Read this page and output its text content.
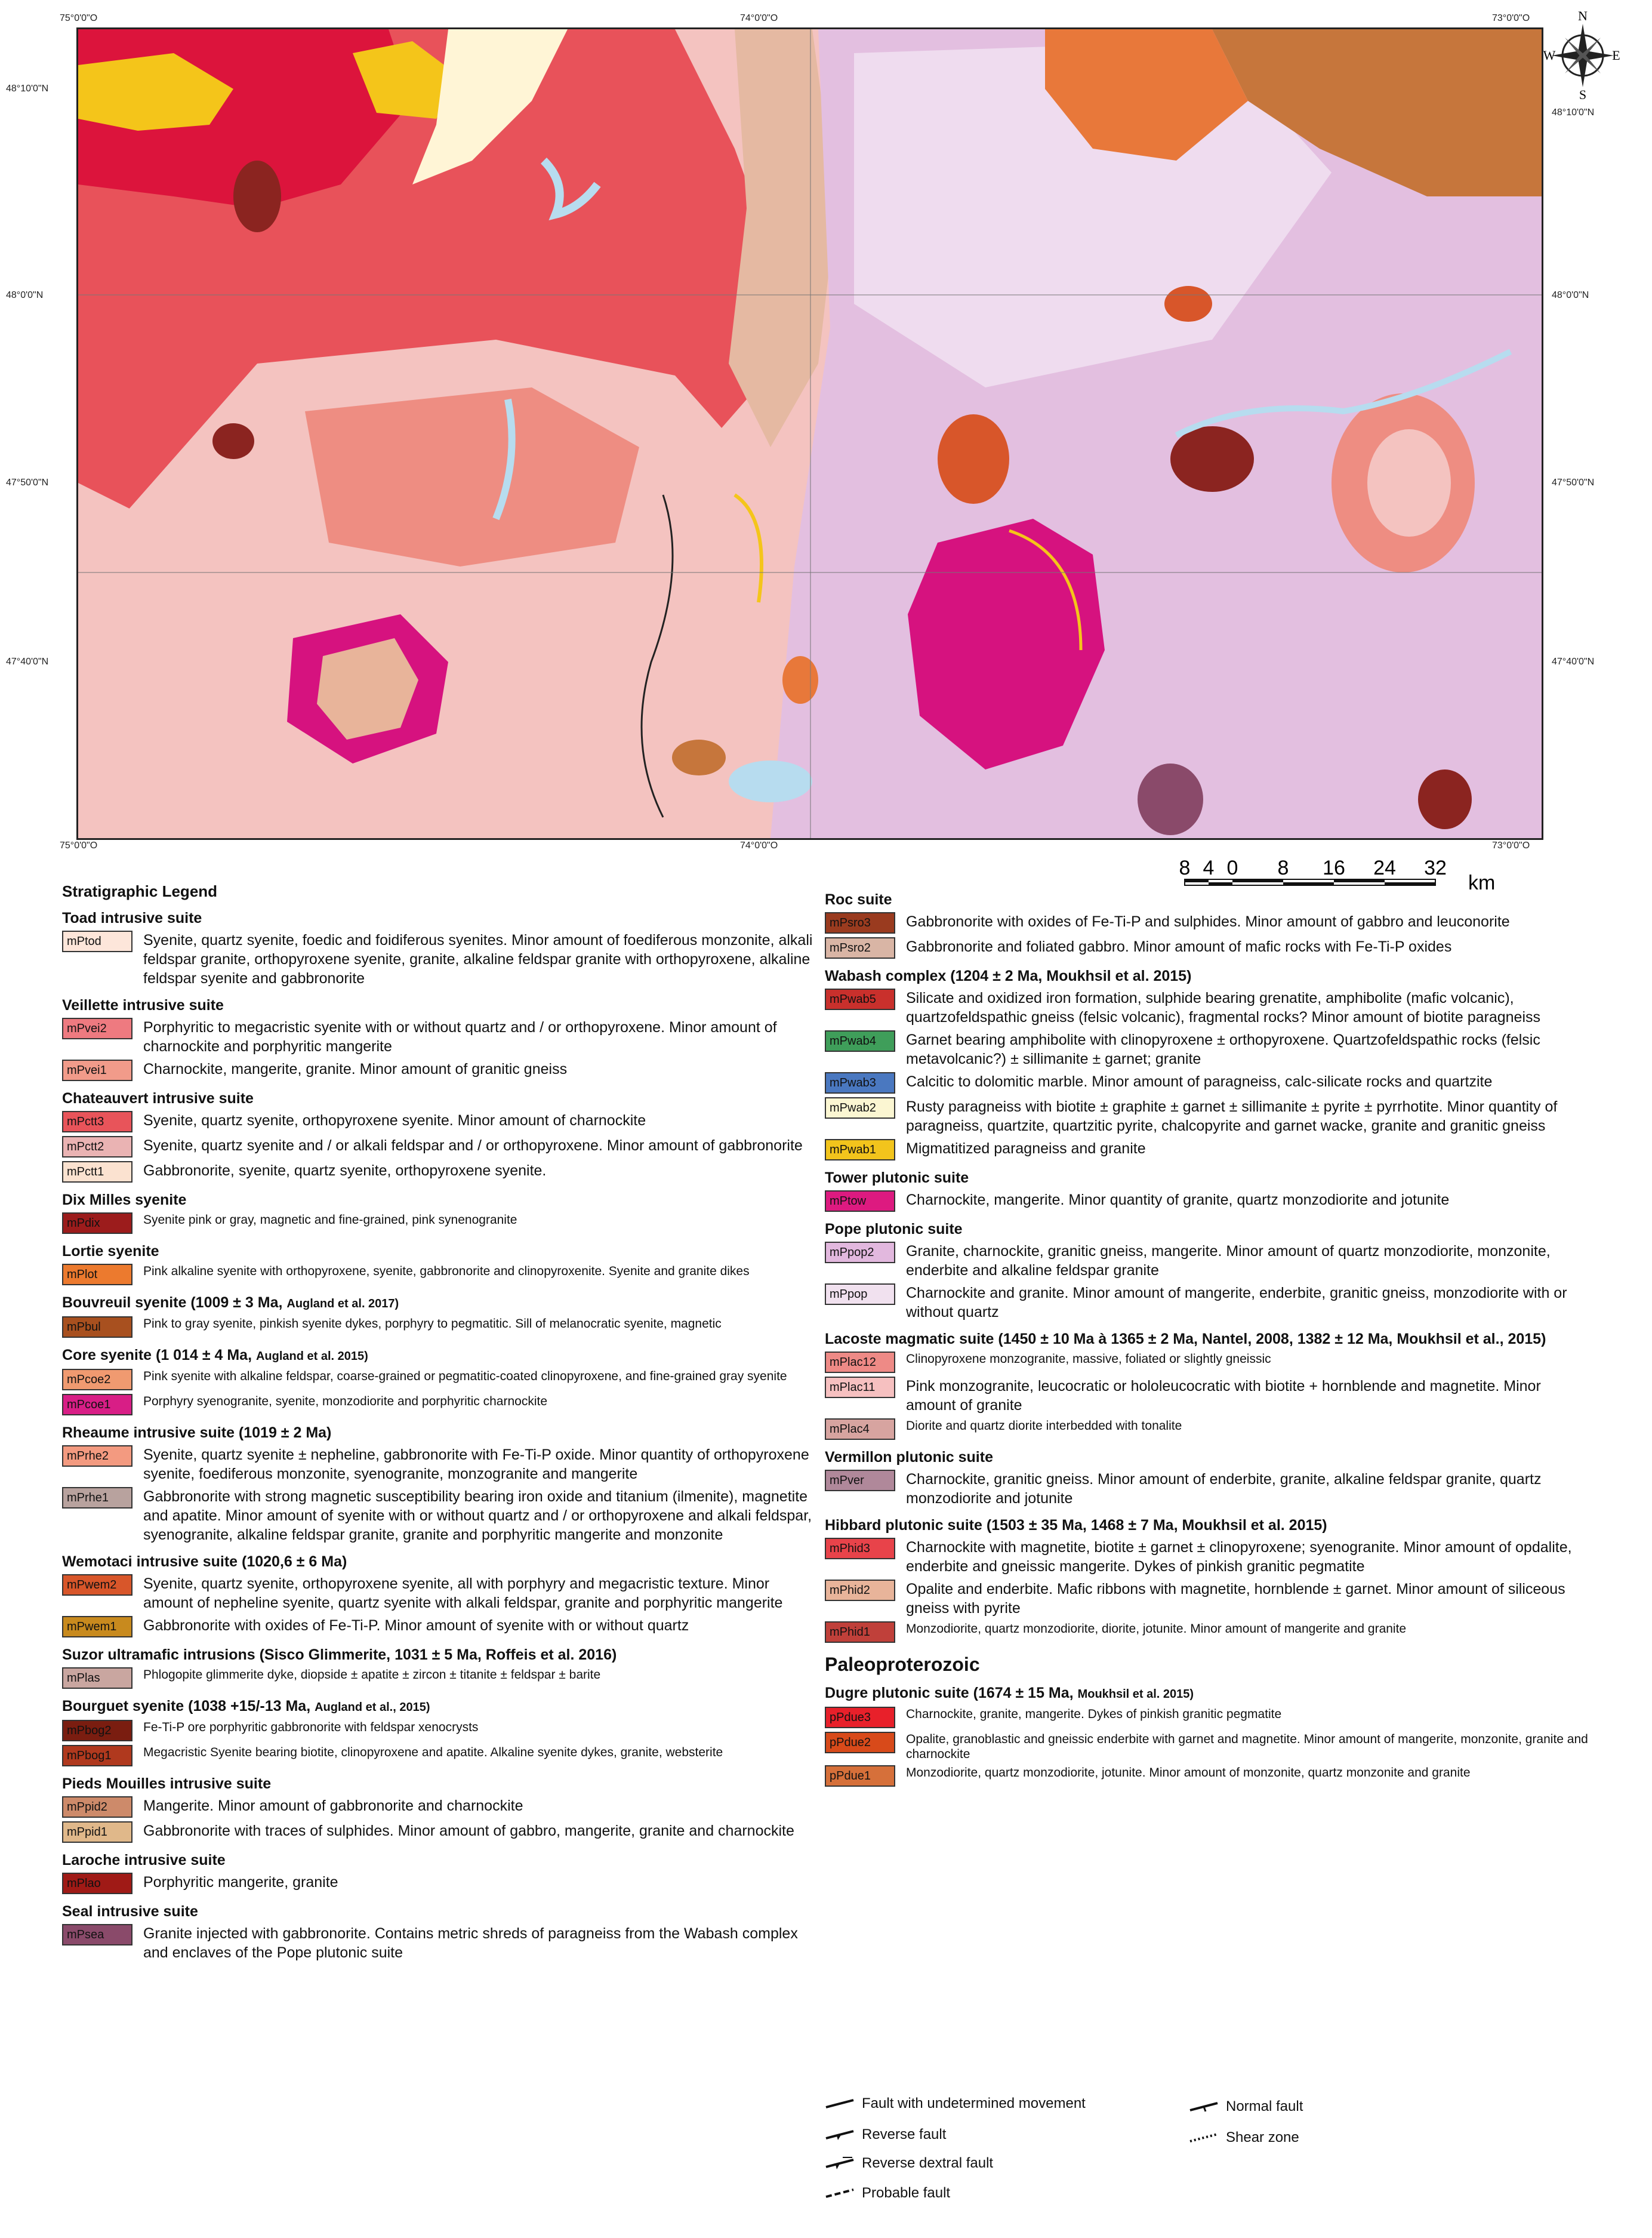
75°0'0"O	74°0'0"O	73°0'0"O
75°0'0"O	74°0'0"O	73°0'0"O
48°10'0"N
48°0'0"N
47°50'0"N
47°40'0"N
48°10'0"N
48°0'0"N
47°50'0"N
47°40'0"N
N
S
W	E
8 4 0 8 16 24 32
km
Stratigraphic Legend
Toad intrusive suite
mPtod	Syenite, quartz syenite, foedic and foidiferous syenites. Minor amount of foediferous monzonite, alkali feldspar granite, orthopyroxene syenite, granite, alkaline feldspar granite with orthopyroxene, alkaline feldspar syenite and gabbronorite
Veillette intrusive suite
mPvei2	Porphyritic to megacristic syenite with or without quartz and / or orthopyroxene. Minor amount of charnockite and porphyritic mangerite
mPvei1	Charnockite, mangerite, granite. Minor amount of granitic gneiss
Chateauvert intrusive suite
mPctt3	Syenite, quartz syenite, orthopyroxene syenite. Minor amount of charnockite
mPctt2	Syenite, quartz syenite and / or alkali feldspar and / or orthopyroxene. Minor amount of gabbronorite
mPctt1	Gabbronorite, syenite, quartz syenite, orthopyroxene syenite.
Dix Milles syenite
mPdix	Syenite pink or gray, magnetic and fine-grained, pink synenogranite
Lortie syenite
mPlot	Pink alkaline syenite with orthopyroxene, syenite, gabbronorite and clinopyroxenite. Syenite and granite dikes
Bouvreuil syenite (1009 ± 3 Ma, Augland et al. 2017)
mPbul	Pink to gray syenite, pinkish syenite dykes, porphyry to pegmatitic. Sill of melanocratic syenite, magnetic
Core syenite (1 014 ± 4 Ma, Augland et al. 2015)
mPcoe2	Pink syenite with alkaline feldspar, coarse-grained or pegmatitic-coated clinopyroxene, and fine-grained gray syenite
mPcoe1	Porphyry syenogranite, syenite, monzodiorite and porphyritic charnockite
Rheaume intrusive suite (1019 ± 2 Ma)
mPrhe2	Syenite, quartz syenite ± nepheline, gabbronorite with Fe-Ti-P oxide. Minor quantity of orthopyroxene syenite, foediferous monzonite, syenogranite, monzogranite and mangerite
mPrhe1	Gabbronorite with strong magnetic susceptibility bearing iron oxide and titanium (ilmenite), magnetite and apatite. Minor amount of syenite with or without quartz and / or orthopyroxene and alkali feldspar, syenogranite, alkaline feldspar granite, granite and porphyritic mangerite and monzonite
Wemotaci intrusive suite (1020,6 ± 6 Ma)
mPwem2	Syenite, quartz syenite, orthopyroxene syenite, all with porphyry and megacristic texture. Minor amount of nepheline syenite, quartz syenite with alkali feldspar, granite and porphyritic mangerite
mPwem1	Gabbronorite with oxides of Fe-Ti-P. Minor amount of syenite with or without quartz
Suzor ultramafic intrusions (Sisco Glimmerite, 1031 ± 5 Ma, Roffeis et al. 2016)
mPlas	Phlogopite glimmerite dyke, diopside ± apatite ± zircon ± titanite ± feldspar ± barite
Bourguet syenite (1038 +15/-13 Ma, Augland et al., 2015)
mPbog2	Fe-Ti-P ore porphyritic gabbronorite with feldspar xenocrysts
mPbog1	Megacristic Syenite bearing biotite, clinopyroxene and apatite. Alkaline syenite dykes, granite, websterite
Pieds Mouilles intrusive suite
mPpid2	Mangerite. Minor amount of gabbronorite and charnockite
mPpid1	Gabbronorite with traces of sulphides. Minor amount of gabbro, mangerite, granite and charnockite
Laroche intrusive suite
mPlao	Porphyritic mangerite, granite
Seal intrusive suite
mPsea	Granite injected with gabbronorite. Contains metric shreds of paragneiss from the Wabash complex and enclaves of the Pope plutonic suite
Roc suite
mPsro3	Gabbronorite with oxides of Fe-Ti-P and sulphides. Minor amount of gabbro and leuconorite
mPsro2	Gabbronorite and foliated gabbro. Minor amount of mafic rocks with Fe-Ti-P oxides
Wabash complex (1204 ± 2 Ma, Moukhsil et al. 2015)
mPwab5	Silicate and oxidized iron formation, sulphide bearing grenatite, amphibolite (mafic volcanic), quartzofeldspathic gneiss (felsic volcanic), fragmental rocks? Minor amount of biotite paragneiss
mPwab4	Garnet bearing amphibolite with clinopyroxene ± orthopyroxene. Quartzofeldspathic rocks (felsic metavolcanic?) ± sillimanite ± garnet; granite
mPwab3	Calcitic to dolomitic marble. Minor amount of paragneiss, calc-silicate rocks and quartzite
mPwab2	Rusty paragneiss with biotite ± graphite ± garnet ± sillimanite ± pyrite ± pyrrhotite. Minor quantity of paragneiss, quartzite, quartzitic pyrite, chalcopyrite and garnet wacke, granite and granitic gneiss
mPwab1	Migmatitized paragneiss and granite
Tower plutonic suite
mPtow	Charnockite, mangerite. Minor quantity of granite, quartz monzodiorite and jotunite
Pope plutonic suite
mPpop2	Granite, charnockite, granitic gneiss, mangerite. Minor amount of quartz monzodiorite, monzonite, enderbite and alkaline feldspar granite
mPpop	Charnockite and granite. Minor amount of mangerite, enderbite, granitic gneiss, monzodiorite with or without quartz
Lacoste magmatic suite (1450 ± 10 Ma à 1365 ± 2 Ma, Nantel, 2008, 1382 ± 12 Ma, Moukhsil et al., 2015)
mPlac12	Clinopyroxene monzogranite, massive, foliated or slightly gneissic
mPlac11	Pink monzogranite, leucocratic or hololeucocratic with biotite + hornblende and magnetite. Minor amount of granite
mPlac4	Diorite and quartz diorite interbedded with tonalite
Vermillon plutonic suite
mPver	Charnockite, granitic gneiss. Minor amount of enderbite, granite, alkaline feldspar granite, quartz monzodiorite and jotunite
Hibbard plutonic suite (1503 ± 35 Ma, 1468 ± 7 Ma, Moukhsil et al. 2015)
mPhid3	Charnockite with magnetite, biotite ± garnet ± clinopyroxene; syenogranite. Minor amount of opdalite, enderbite and gneissic mangerite. Dykes of pinkish granitic pegmatite
mPhid2	Opalite and enderbite. Mafic ribbons with magnetite, hornblende ± garnet. Minor amount of siliceous gneiss with pyrite
mPhid1	Monzodiorite, quartz monzodiorite, diorite, jotunite. Minor amount of mangerite and granite
Paleoproterozoic
Dugre plutonic suite (1674 ± 15 Ma, Moukhsil et al. 2015)
pPdue3	Charnockite, granite, mangerite. Dykes of pinkish granitic pegmatite
pPdue2	Opalite, granoblastic and gneissic enderbite with garnet and magnetite. Minor amount of mangerite, monzonite, granite and charnockite
pPdue1	Monzodiorite, quartz monzodiorite, jotunite. Minor amount of monzonite, quartz monzonite and granite
Fault with undetermined movement	Normal fault
Reverse fault	Shear zone
Reverse dextral fault
Probable fault
